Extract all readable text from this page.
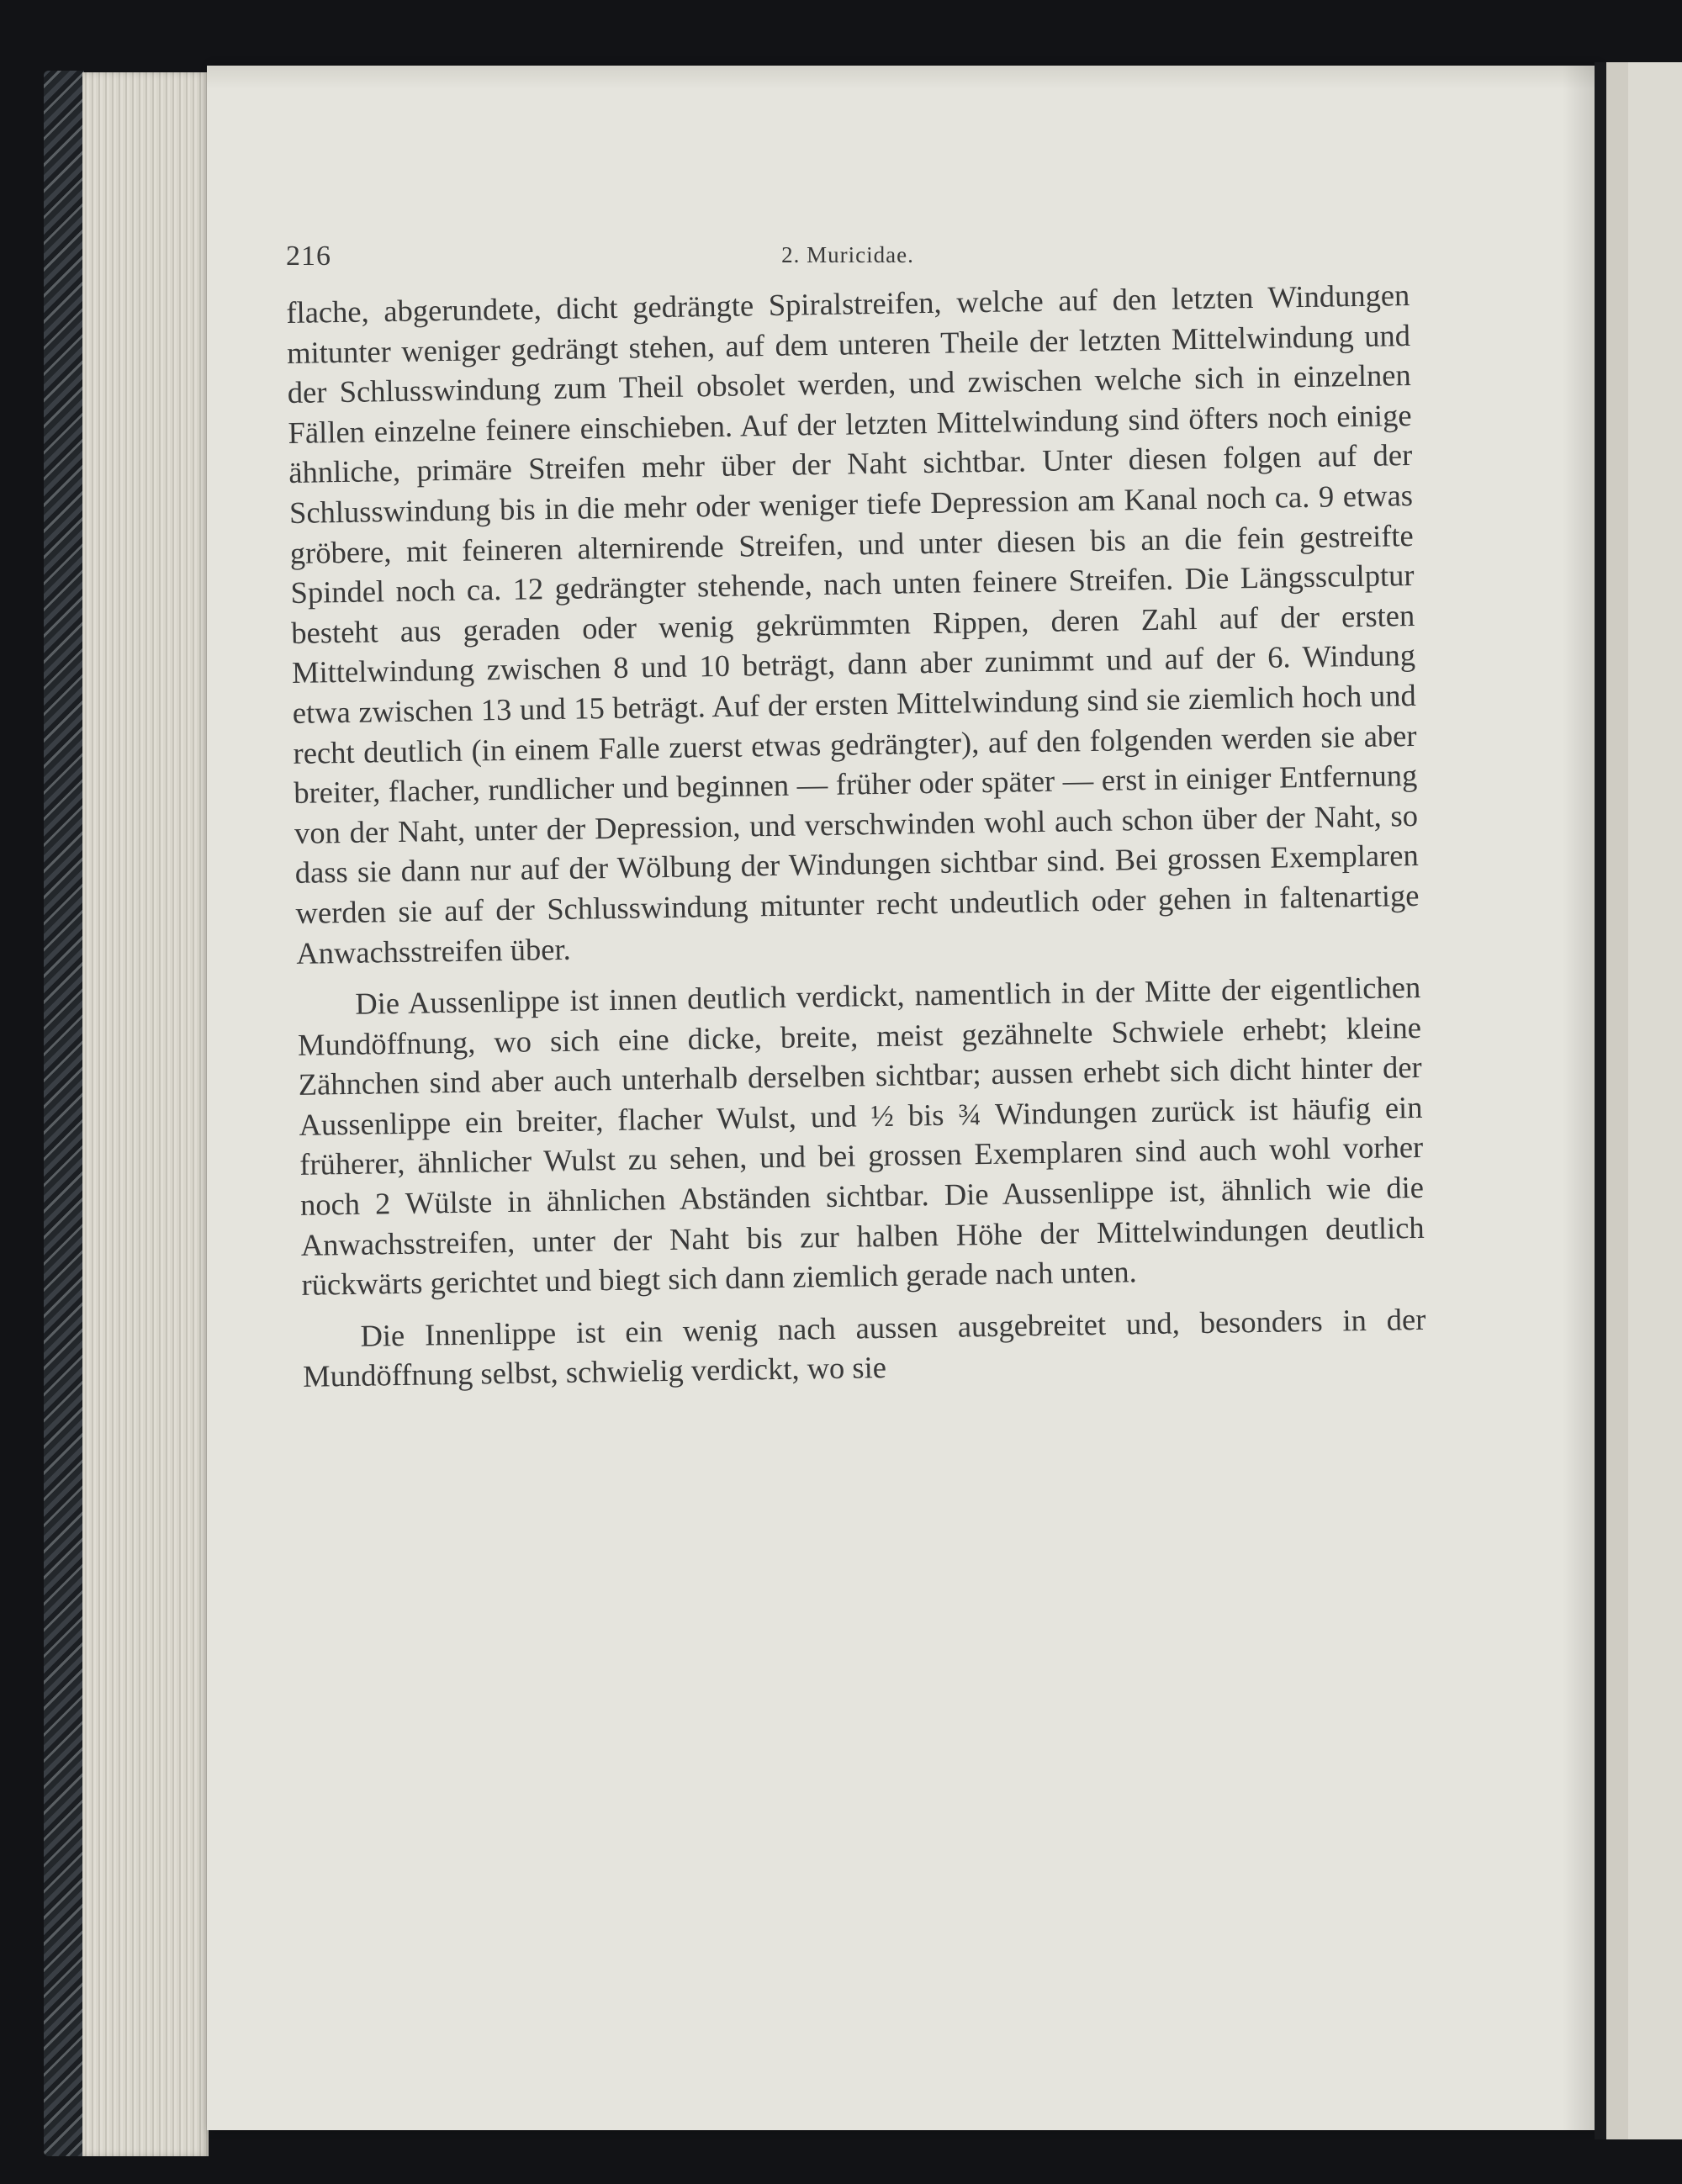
216	2. Muricidae.

flache, abgerundete, dicht gedrängte Spiralstreifen, welche auf den letzten Windungen mitunter weniger gedrängt stehen, auf dem unteren Theile der letzten Mittelwindung und der Schlusswindung zum Theil obsolet werden, und zwischen welche sich in einzelnen Fällen einzelne feinere einschieben. Auf der letzten Mittelwindung sind öfters noch einige ähnliche, primäre Streifen mehr über der Naht sichtbar. Unter diesen folgen auf der Schlusswindung bis in die mehr oder weniger tiefe Depression am Kanal noch ca. 9 etwas gröbere, mit feineren alternirende Streifen, und unter diesen bis an die fein gestreifte Spindel noch ca. 12 gedrängter stehende, nach unten feinere Streifen. Die Längssculptur besteht aus geraden oder wenig gekrümmten Rippen, deren Zahl auf der ersten Mittelwindung zwischen 8 und 10 beträgt, dann aber zunimmt und auf der 6. Windung etwa zwischen 13 und 15 beträgt. Auf der ersten Mittelwindung sind sie ziemlich hoch und recht deutlich (in einem Falle zuerst etwas gedrängter), auf den folgenden werden sie aber breiter, flacher, rundlicher und beginnen — früher oder später — erst in einiger Entfernung von der Naht, unter der Depression, und verschwinden wohl auch schon über der Naht, so dass sie dann nur auf der Wölbung der Windungen sichtbar sind. Bei grossen Exemplaren werden sie auf der Schlusswindung mitunter recht undeutlich oder gehen in faltenartige Anwachsstreifen über.

Die Aussenlippe ist innen deutlich verdickt, namentlich in der Mitte der eigentlichen Mundöffnung, wo sich eine dicke, breite, meist gezähnelte Schwiele erhebt; kleine Zähnchen sind aber auch unterhalb derselben sichtbar; aussen erhebt sich dicht hinter der Aussenlippe ein breiter, flacher Wulst, und ½ bis ¾ Windungen zurück ist häufig ein früherer, ähnlicher Wulst zu sehen, und bei grossen Exemplaren sind auch wohl vorher noch 2 Wülste in ähnlichen Abständen sichtbar. Die Aussenlippe ist, ähnlich wie die Anwachsstreifen, unter der Naht bis zur halben Höhe der Mittelwindungen deutlich rückwärts gerichtet und biegt sich dann ziemlich gerade nach unten.

Die Innenlippe ist ein wenig nach aussen ausgebreitet und, besonders in der Mundöffnung selbst, schwielig verdickt, wo sie
